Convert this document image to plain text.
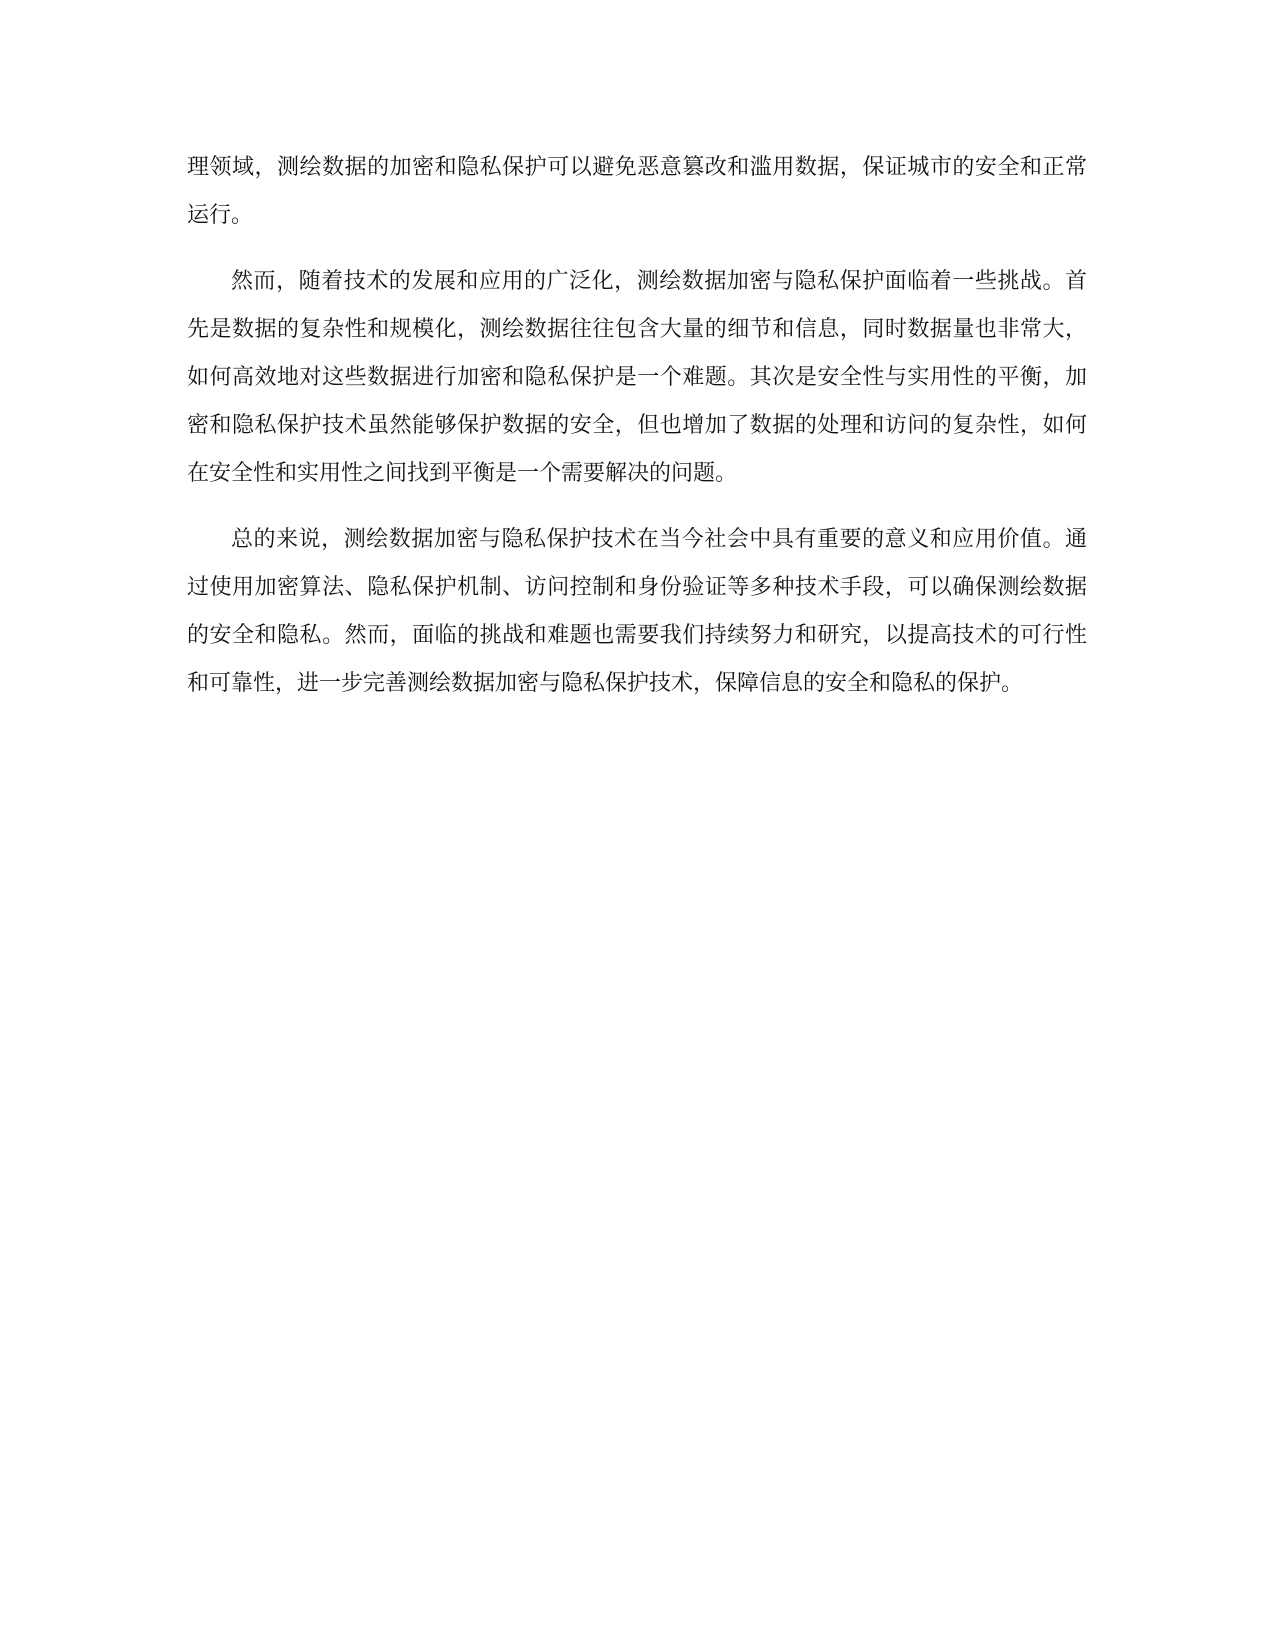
理领域，测绘数据的加密和隐私保护可以避免恶意篡改和滥用数据，保证城市的安全和正常运行。

然而，随着技术的发展和应用的广泛化，测绘数据加密与隐私保护面临着一些挑战。首先是数据的复杂性和规模化，测绘数据往往包含大量的细节和信息，同时数据量也非常大，如何高效地对这些数据进行加密和隐私保护是一个难题。其次是安全性与实用性的平衡，加密和隐私保护技术虽然能够保护数据的安全，但也增加了数据的处理和访问的复杂性，如何在安全性和实用性之间找到平衡是一个需要解决的问题。

总的来说，测绘数据加密与隐私保护技术在当今社会中具有重要的意义和应用价值。通过使用加密算法、隐私保护机制、访问控制和身份验证等多种技术手段，可以确保测绘数据的安全和隐私。然而，面临的挑战和难题也需要我们持续努力和研究，以提高技术的可行性和可靠性，进一步完善测绘数据加密与隐私保护技术，保障信息的安全和隐私的保护。
